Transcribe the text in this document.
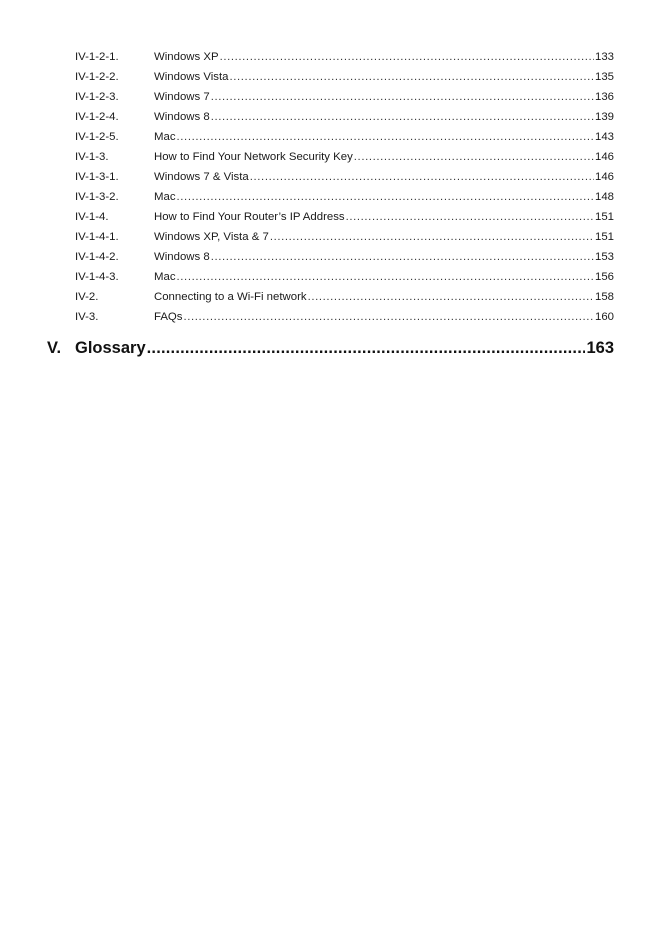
IV-1-2-1.	Windows XP .....	133
IV-1-2-2.	Windows Vista .....	135
IV-1-2-3.	Windows 7 .....	136
IV-1-2-4.	Windows 8 .....	139
IV-1-2-5.	Mac .....	143
IV-1-3.	How to Find Your Network Security Key .....	146
IV-1-3-1.	Windows 7 & Vista .....	146
IV-1-3-2.	Mac .....	148
IV-1-4.	How to Find Your Router’s IP Address .....	151
IV-1-4-1.	Windows XP, Vista & 7 .....	151
IV-1-4-2.	Windows 8 .....	153
IV-1-4-3.	Mac .....	156
IV-2.	Connecting to a Wi-Fi network .....	158
IV-3.	FAQs .....	160
V. Glossary .....	163
